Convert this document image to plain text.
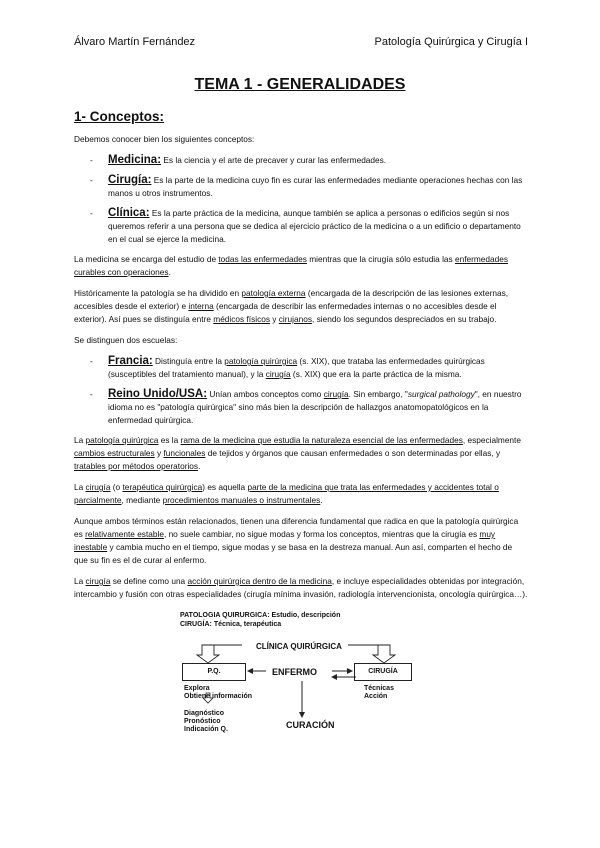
Álvaro Martín Fernández	Patología Quirúrgica y Cirugía I
TEMA 1 - GENERALIDADES
1- Conceptos:

Debemos conocer bien los siguientes conceptos:

- Medicina: Es la ciencia y el arte de precaver y curar las enfermedades.
- Cirugía: Es la parte de la medicina cuyo fin es curar las enfermedades mediante operaciones hechas con las manos u otros instrumentos.
- Clínica: Es la parte práctica de la medicina, aunque también se aplica a personas o edificios según si nos queremos referir a una persona que se dedica al ejercicio práctico de la medicina o a un edificio o departamento en el cual se ejerce la medicina.

La medicina se encarga del estudio de todas las enfermedades mientras que la cirugía sólo estudia las enfermedades curables con operaciones.

Históricamente la patología se ha dividido en patología externa (encargada de la descripción de las lesiones externas, accesibles desde el exterior) e interna (encargada de describir las enfermedades internas o no accesibles desde el exterior). Así pues se distinguía entre médicos físicos y cirujanos, siendo los segundos despreciados en su trabajo.

Se distinguen dos escuelas:

- Francia: Distinguía entre la patología quirúrgica (s. XIX), que trataba las enfermedades quirúrgicas (susceptibles del tratamiento manual), y la cirugía (s. XIX) que era la parte práctica de la misma.
- Reino Unido/USA: Unían ambos conceptos como cirugía. Sin embargo, "surgical pathology", en nuestro idioma no es "patología quirúrgica" sino más bien la descripción de hallazgos anatomopatológicos en la enfermedad quirúrgica.

La patología quirúrgica es la rama de la medicina que estudia la naturaleza esencial de las enfermedades, especialmente cambios estructurales y funcionales de tejidos y órganos que causan enfermedades o son determinadas por ellas, y tratables por métodos operatorios.

La cirugía (o terapéutica quirúrgica) es aquella parte de la medicina que trata las enfermedades y accidentes total o parcialmente, mediante procedimientos manuales o instrumentales.

Aunque ambos términos están relacionados, tienen una diferencia fundamental que radica en que la patología quirúrgica es relativamente estable, no suele cambiar, no sigue modas y forma los conceptos, mientras que la cirugía es muy inestable y cambia mucho en el tiempo, sigue modas y se basa en la destreza manual. Aun así, comparten el hecho de que su fin es el de curar al enfermo.

La cirugía se define como una acción quirúrgica dentro de la medicina, e incluye especialidades obtenidas por integración, intercambio y fusión con otras especialidades (cirugía mínima invasión, radiología intervencionista, oncología quirúrgica…).

PATOLOGIA QUIRURGICA: Estudio, descripción
CIRUGÍA: Técnica, terapéutica
CLÍNICA QUIRÚRGICA
P.Q.	ENFERMO	CIRUGÍA
Explora
Obtiene información
Diagnóstico
Pronóstico
Indicación Q.
Técnicas
Acción
CURACIÓN
